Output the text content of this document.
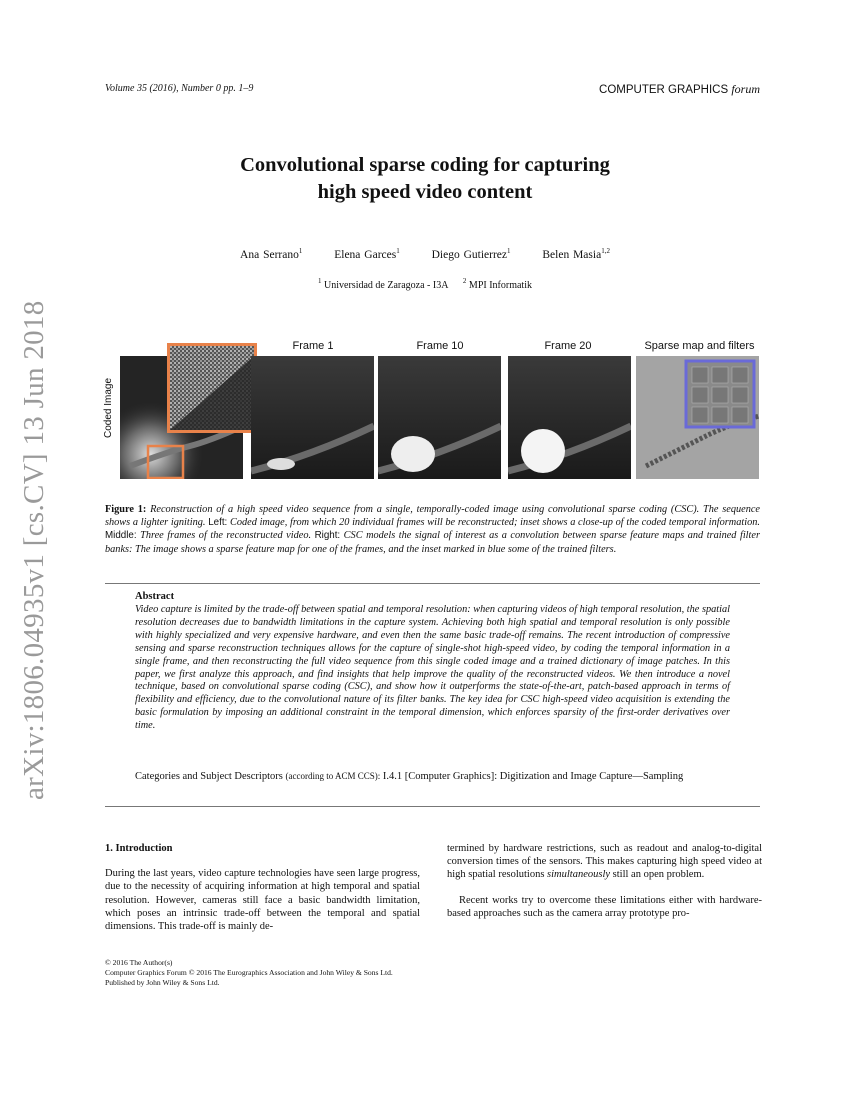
Volume 35 (2016), Number 0 pp. 1–9	COMPUTER GRAPHICS forum
Convolutional sparse coding for capturing
high speed video content
Ana Serrano$^1$	Elena Garces$^1$	Diego Gutierrez$^1$	Belen Masia$^{1,2}$
$^1$ Universidad de Zaragoza - I3A $^2$ MPI Informatik
arXiv:1806.04935v1 [cs.CV] 13 Jun 2018	Coded Image
Frame 1	Frame 10	Frame 20	Sparse map and filters
Figure 1: Reconstruction of a high speed video sequence from a single, temporally-coded image using convolutional sparse coding (CSC). The sequence shows a lighter igniting. Left: Coded image, from which 20 individual frames will be reconstructed; inset shows a close-up of the coded temporal information. Middle: Three frames of the reconstructed video. Right: CSC models the signal of interest as a convolution between sparse feature maps and trained filter banks: The image shows a sparse feature map for one of the frames, and the inset marked in blue some of the trained filters.
Abstract
Video capture is limited by the trade-off between spatial and temporal resolution: when capturing videos of high temporal resolution, the spatial resolution decreases due to bandwidth limitations in the capture system. Achieving both high spatial and temporal resolution is only possible with highly specialized and very expensive hardware, and even then the same basic trade-off remains. The recent introduction of compressive sensing and sparse reconstruction techniques allows for the capture of single-shot high-speed video, by coding the temporal information in a single frame, and then reconstructing the full video sequence from this single coded image and a trained dictionary of image patches. In this paper, we first analyze this approach, and find insights that help improve the quality of the reconstructed videos. We then introduce a novel technique, based on convolutional sparse coding (CSC), and show how it outperforms the state-of-the-art, patch-based approach in terms of flexibility and efficiency, due to the convolutional nature of its filter banks. The key idea for CSC high-speed video acquisition is extending the basic formulation by imposing an additional constraint in the temporal dimension, which enforces sparsity of the first-order derivatives over time.
Categories and Subject Descriptors (according to ACM CCS): I.4.1 [Computer Graphics]: Digitization and Image Capture—Sampling
1. Introduction

During the last years, video capture technologies have seen large progress, due to the necessity of acquiring information at high temporal and spatial resolution. However, cameras still face a basic bandwidth limitation, which poses an intrinsic trade-off between the temporal and spatial dimensions. This trade-off is mainly de-

termined by hardware restrictions, such as readout and analog-to-digital conversion times of the sensors. This makes capturing high speed video at high spatial resolutions simultaneously still an open problem.

Recent works try to overcome these limitations either with hardware-based approaches such as the camera array prototype pro-

© 2016 The Author(s)
Computer Graphics Forum © 2016 The Eurographics Association and John Wiley & Sons Ltd. Published by John Wiley & Sons Ltd.
